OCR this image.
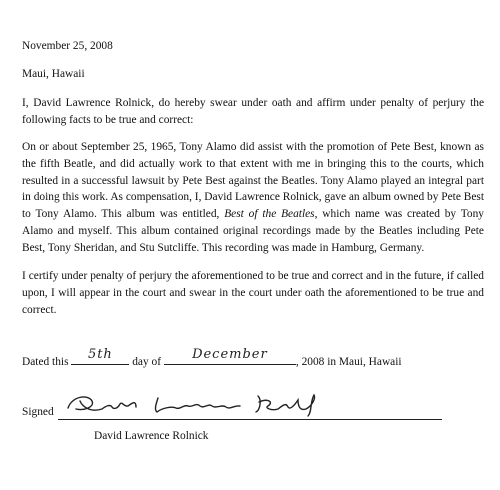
November 25, 2008

Maui, Hawaii

I, David Lawrence Rolnick, do hereby swear under oath and affirm under penalty of perjury the following facts to be true and correct:

On or about September 25, 1965, Tony Alamo did assist with the promotion of Pete Best, known as the fifth Beatle, and did actually work to that extent with me in bringing this to the courts, which resulted in a successful lawsuit by Pete Best against the Beatles. Tony Alamo played an integral part in doing this work. As compensation, I, David Lawrence Rolnick, gave an album owned by Pete Best to Tony Alamo. This album was entitled, Best of the Beatles, which name was created by Tony Alamo and myself. This album contained original recordings made by the Beatles including Pete Best, Tony Sheridan, and Stu Sutcliffe. This recording was made in Hamburg, Germany.

I certify under penalty of perjury the aforementioned to be true and correct and in the future, if called upon, I will appear in the court and swear in the court under oath the aforementioned to be true and correct.

Dated this	5th	day of	December	, 2008 in Maui, Hawaii

Signed

David Lawrence Rolnick
